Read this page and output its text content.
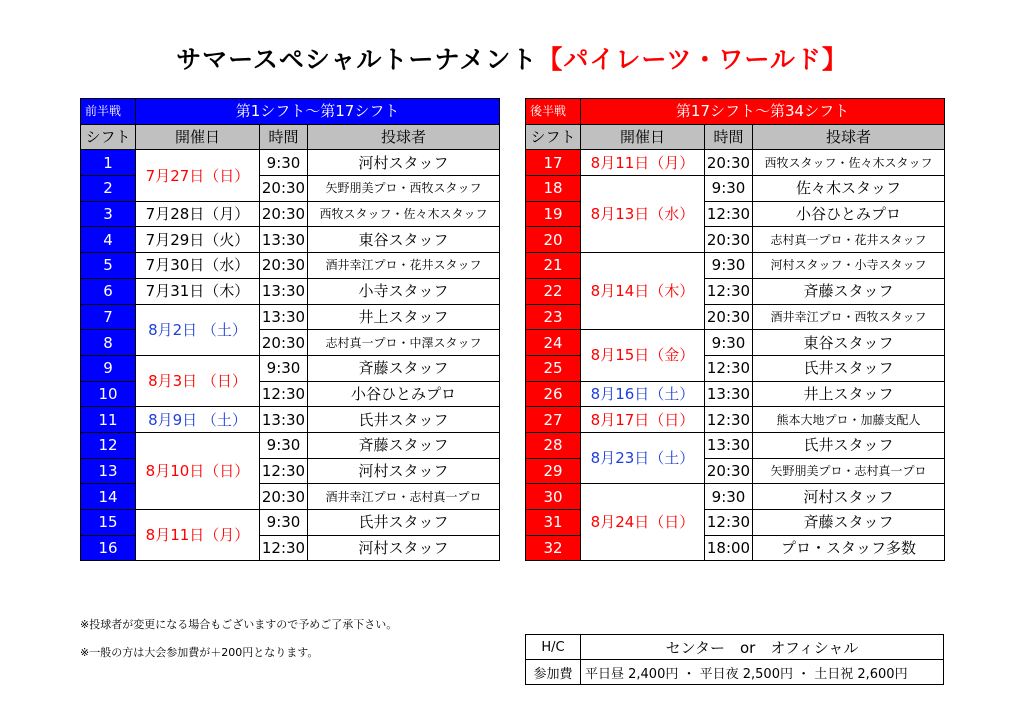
サマースペシャルトーナメント【パイレーツ・ワールド】
前半戦	第1シフト～第17シフト		
シフト	開催日	時間	投球者
1	7月27日（日）	9:30	河村スタッフ
2		20:30	矢野朋美プロ・西牧スタッフ
3	7月28日（月）	20:30	西牧スタッフ・佐々木スタッフ
4	7月29日（火）	13:30	東谷スタッフ
5	7月30日（水）	20:30	酒井幸江プロ・花井スタッフ
6	7月31日（木）	13:30	小寺スタッフ
7	8月2日 （土）	13:30	井上スタッフ
8		20:30	志村真一プロ・中澤スタッフ
9	8月3日 （日）	9:30	斉藤スタッフ
10		12:30	小谷ひとみプロ
11	8月9日 （土）	13:30	氏井スタッフ
12	8月10日（日）	9:30	斉藤スタッフ
13		12:30	河村スタッフ
14		20:30	酒井幸江プロ・志村真一プロ
15	8月11日（月）	9:30	氏井スタッフ
16		12:30	河村スタッフ
後半戦	第17シフト～第34シフト		
シフト	開催日	時間	投球者
17	8月11日（月）	20:30	西牧スタッフ・佐々木スタッフ
18	8月13日（水）	9:30	佐々木スタッフ
19		12:30	小谷ひとみプロ
20		20:30	志村真一プロ・花井スタッフ
21	8月14日（木）	9:30	河村スタッフ・小寺スタッフ
22		12:30	斉藤スタッフ
23		20:30	酒井幸江プロ・西牧スタッフ
24	8月15日（金）	9:30	東谷スタッフ
25		12:30	氏井スタッフ
26	8月16日（土）	13:30	井上スタッフ
27	8月17日（日）	12:30	熊本大地プロ・加藤支配人
28	8月23日（土）	13:30	氏井スタッフ
29		20:30	矢野朋美プロ・志村真一プロ
30	8月24日（日）	9:30	河村スタッフ
31		12:30	斉藤スタッフ
32		18:00	プロ・スタッフ多数
※投球者が変更になる場合もございますので予めご了承下さい。
※一般の方は大会参加費が＋200円となります。	H/C	センター　or　オフィシャル
参加費	平日昼 2,400円 ・ 平日夜 2,500円 ・ 土日祝 2,600円
